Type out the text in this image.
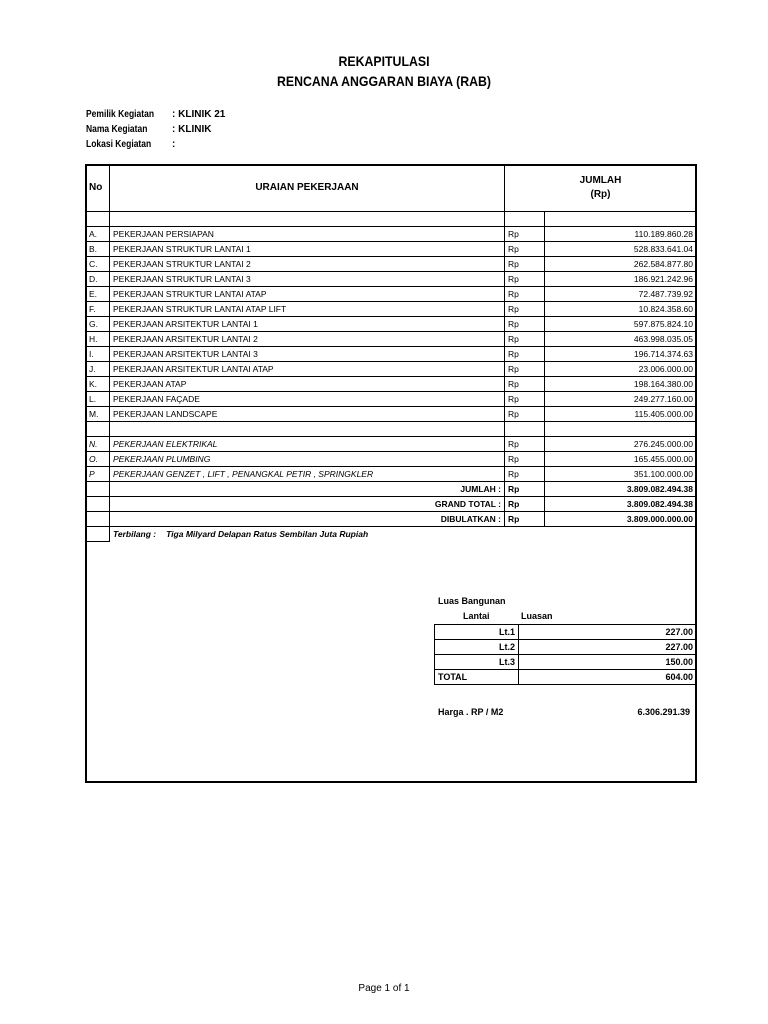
REKAPITULASI
RENCANA ANGGARAN BIAYA (RAB)
Pemilik Kegiatan : KLINIK 21
Nama Kegiatan : KLINIK
Lokasi Kegiatan :
No	URAIAN PEKERJAAN	JUMLAH
(Rp)	

A.	PEKERJAAN PERSIAPAN	Rp	110.189.860.28
B.	PEKERJAAN STRUKTUR LANTAI 1	Rp	528.833.641.04
C.	PEKERJAAN STRUKTUR LANTAI 2	Rp	262.584.877.80
D.	PEKERJAAN STRUKTUR LANTAI 3	Rp	186.921.242.96
E.	PEKERJAAN STRUKTUR LANTAI ATAP	Rp	72.487.739.92
F.	PEKERJAAN STRUKTUR LANTAI ATAP LIFT	Rp	10.824.358.60
G.	PEKERJAAN ARSITEKTUR LANTAI 1	Rp	597.875.824.10
H.	PEKERJAAN ARSITEKTUR LANTAI 2	Rp	463.998.035.05
I.	PEKERJAAN ARSITEKTUR LANTAI 3	Rp	196.714.374.63
J.	PEKERJAAN ARSITEKTUR LANTAI ATAP	Rp	23.006.000.00
K.	PEKERJAAN ATAP	Rp	198.164.380.00
L.	PEKERJAAN FAÇADE	Rp	249.277.160.00
M.	PEKERJAAN LANDSCAPE	Rp	115.405.000.00

N.	PEKERJAAN ELEKTRIKAL	Rp	276.245.000.00
O.	PEKERJAAN PLUMBING	Rp	165.455.000.00
P	PEKERJAAN GENZET , LIFT , PENANGKAL PETIR , SPRINGKLER	Rp	351.100.000.00
	JUMLAH :	Rp	3.809.082.494.38
	GRAND TOTAL :	Rp	3.809.082.494.38
	DIBULATKAN :	Rp	3.809.000.000.00
	Terbilang : Tiga Milyard Delapan Ratus Sembilan Juta Rupiah		
Luas Bangunan
Lantai	Luasan
Lt.1	227.00
Lt.2	227.00
Lt.3	150.00
TOTAL	604.00
Harga . RP / M2	6.306.291.39
Page 1 of 1
